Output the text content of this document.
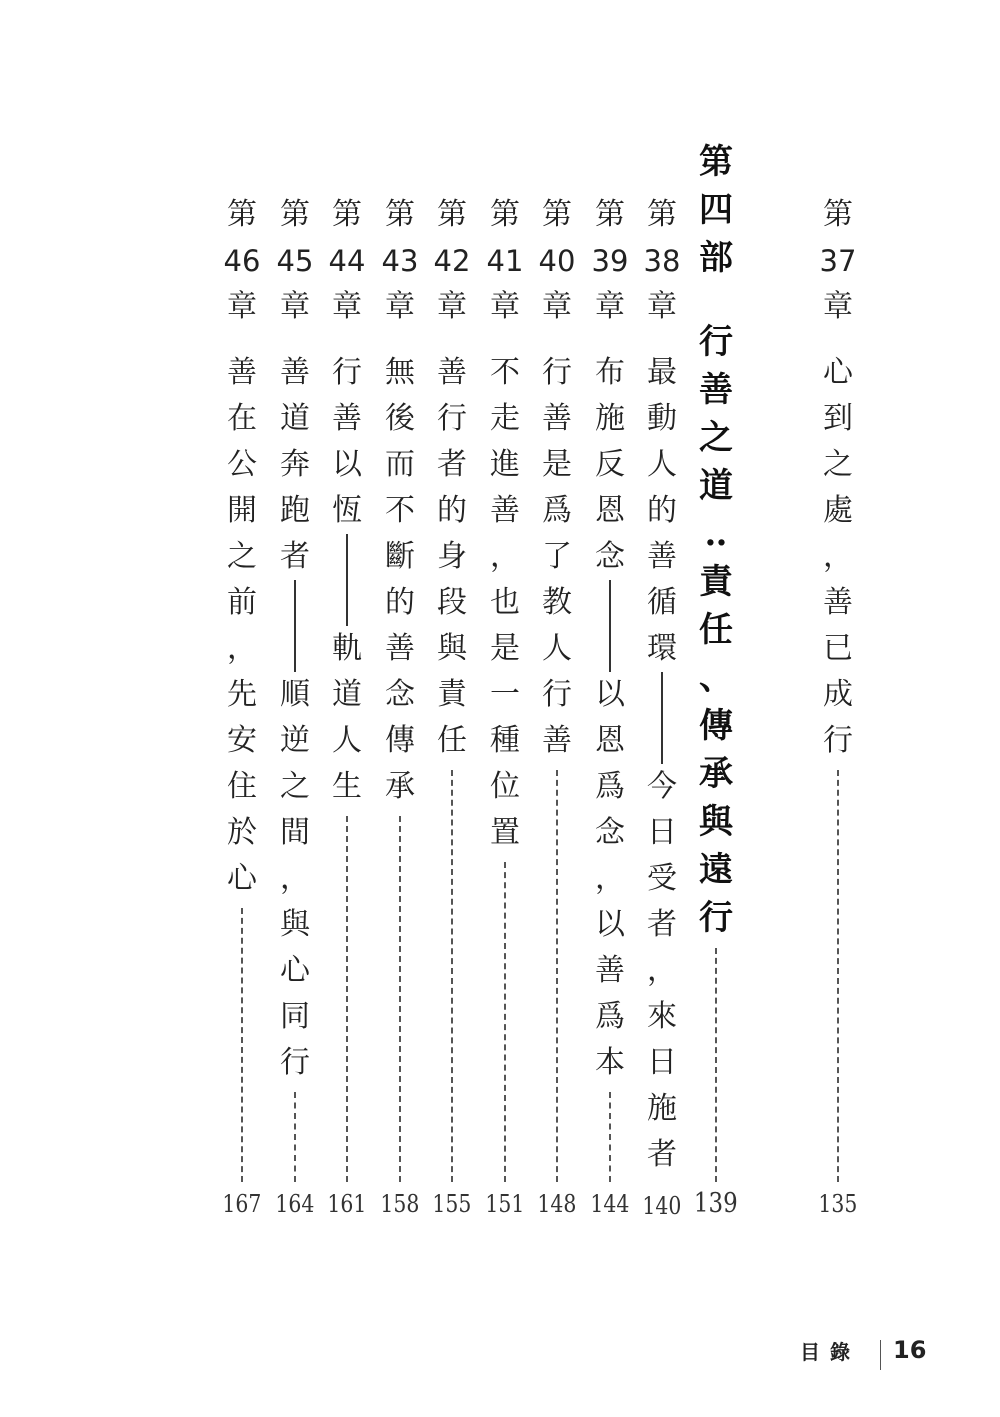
第
37
章
心
到
之
處
，
善
已
成
行
135
第
四
部
行
善
之
道
‥
責
任
、
傳
承
與
遠
行
139
第
38
章
最
動
人
的
善
循
環
今
日
受
者
，
來
日
施
者
140
第
39
章
布
施
反
恩
念
以
恩
爲
念
，
以
善
爲
本
144
第
40
章
行
善
是
爲
了
教
人
行
善
148
第
41
章
不
走
進
善
，
也
是
一
種
位
置
151
第
42
章
善
行
者
的
身
段
與
責
任
155
第
43
章
無
後
而
不
斷
的
善
念
傳
承
158
第
44
章
行
善
以
恆
軌
道
人
生
161
第
45
章
善
道
奔
跑
者
順
逆
之
間
，
與
心
同
行
164
第
46
章
善
在
公
開
之
前
，
先
安
住
於
心
167
目錄 16
